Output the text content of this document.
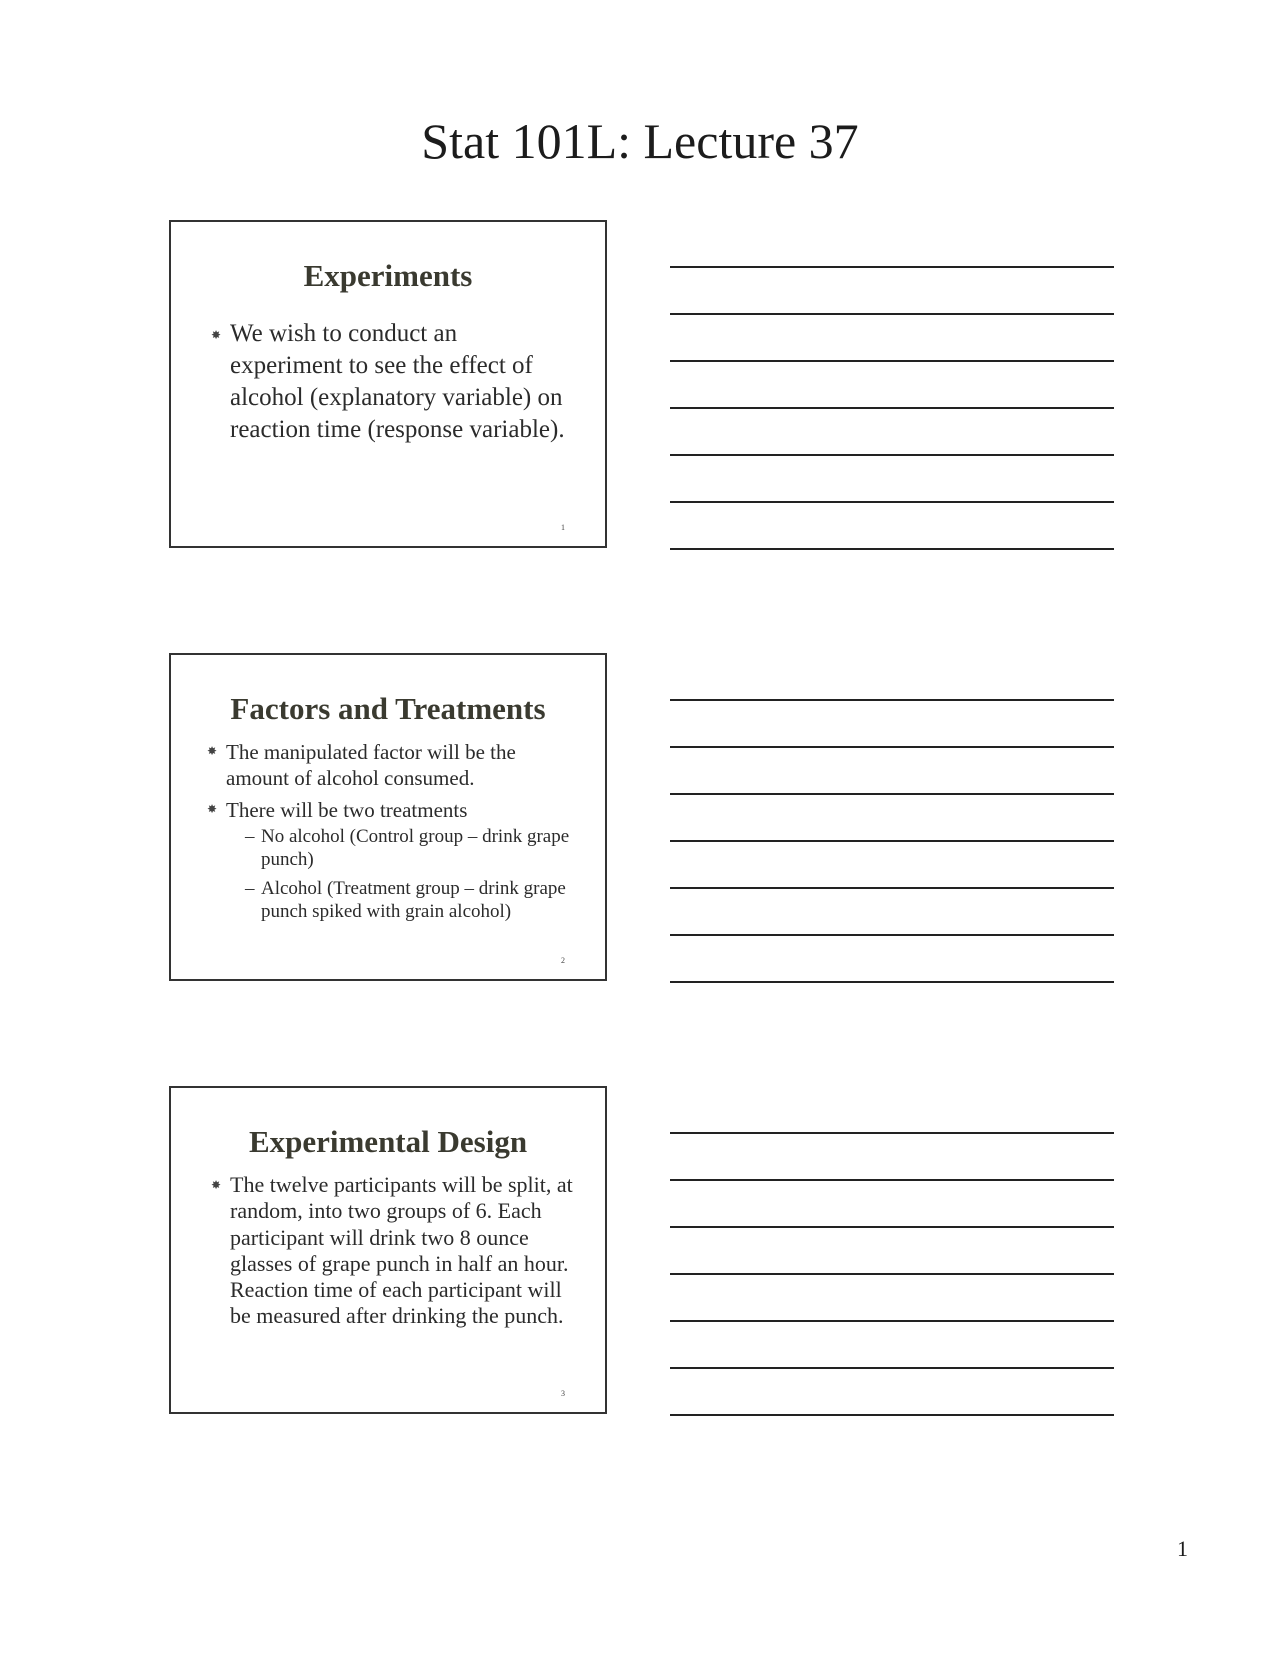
Stat 101L: Lecture 37
Experiments
✸ We wish to conduct an experiment to see the effect of alcohol (explanatory variable) on reaction time (response variable).
1
Factors and Treatments
✸ The manipulated factor will be the amount of alcohol consumed.
✸ There will be two treatments
– No alcohol (Control group – drink grape punch)
– Alcohol (Treatment group – drink grape punch spiked with grain alcohol)
2
Experimental Design
✸ The twelve participants will be split, at random, into two groups of 6. Each participant will drink two 8 ounce glasses of grape punch in half an hour. Reaction time of each participant will be measured after drinking the punch.
3
1
